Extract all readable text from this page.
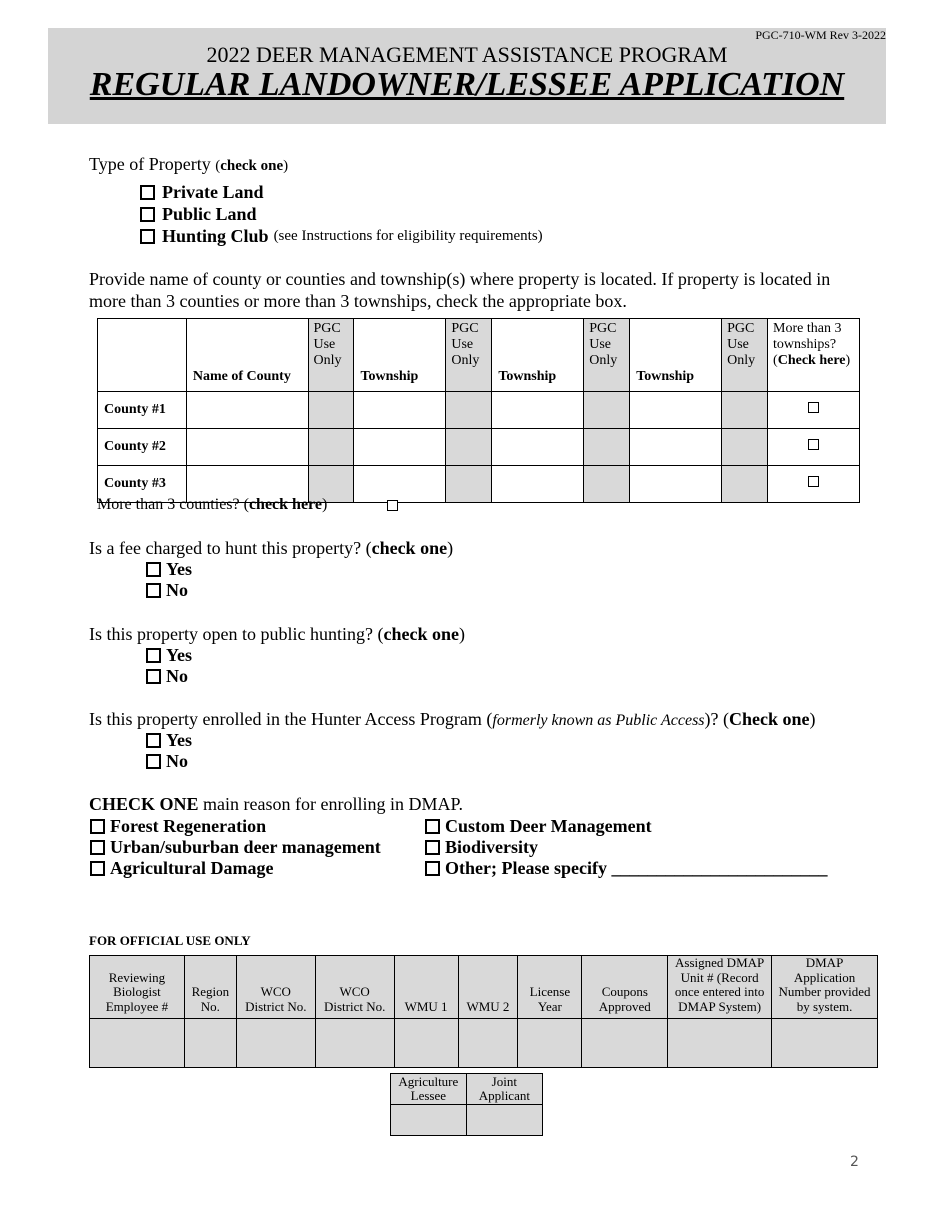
PGC-710-WM Rev 3-2022
2022 DEER MANAGEMENT ASSISTANCE PROGRAM
REGULAR LANDOWNER/LESSEE APPLICATION
Type of Property (check one)
Private Land
Public Land
Hunting Club (see Instructions for eligibility requirements)
Provide name of county or counties and township(s) where property is located. If property is located in more than 3 counties or more than 3 townships, check the appropriate box.
	Name of County	PGC Use Only	Township	PGC Use Only	Township	PGC Use Only	Township	PGC Use Only	More than 3 townships? (Check here)
County #1									
County #2									
County #3									
More than 3 counties? (check here)
Is a fee charged to hunt this property? (check one)
Yes
No
Is this property open to public hunting? (check one)
Yes
No
Is this property enrolled in the Hunter Access Program (formerly known as Public Access)? (Check one)
Yes
No
CHECK ONE main reason for enrolling in DMAP.
Forest Regeneration
Urban/suburban deer management
Agricultural Damage
Custom Deer Management
Biodiversity
Other; Please specify ________________________
FOR OFFICIAL USE ONLY
Reviewing Biologist Employee #	Region No.	WCO District No.	WCO District No.	WMU 1	WMU 2	License Year	Coupons Approved	Assigned DMAP Unit # (Record once entered into DMAP System)	DMAP Application Number provided by system.

Agriculture Lessee	Joint Applicant

2
